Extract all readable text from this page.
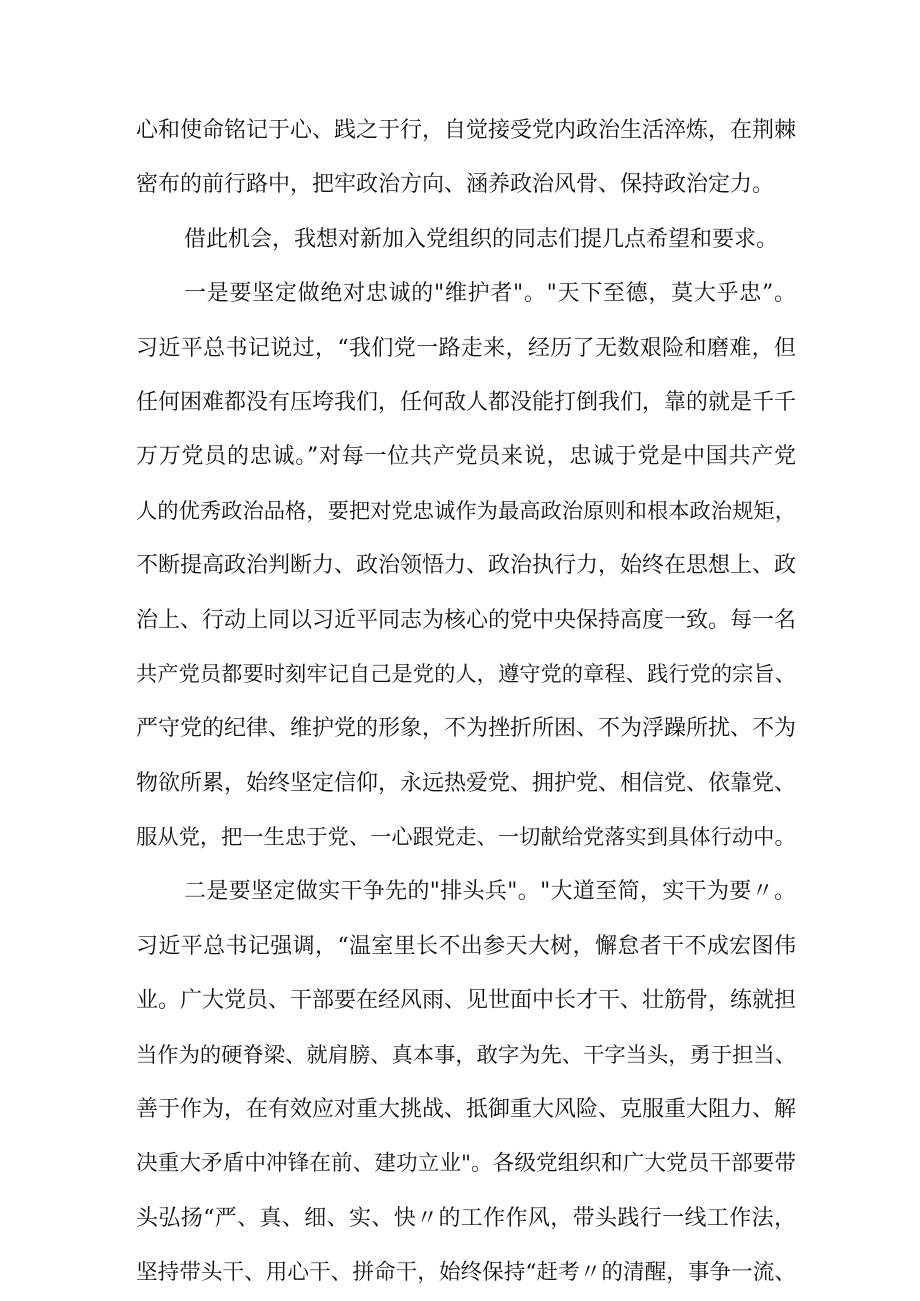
心和使命铭记于心、践之于行，自觉接受党内政治生活淬炼，在荆棘
密布的前行路中，把牢政治方向、涵养政治风骨、保持政治定力。
借此机会，我想对新加入党组织的同志们提几点希望和要求。
一是要坚定做绝对忠诚的"维护者"。"天下至德，莫大乎忠”。
习近平总书记说过，“我们党一路走来，经历了无数艰险和磨难，但
任何困难都没有压垮我们，任何敌人都没能打倒我们，靠的就是千千
万万党员的忠诚。”对每一位共产党员来说，忠诚于党是中国共产党
人的优秀政治品格，要把对党忠诚作为最高政治原则和根本政治规矩，
不断提高政治判断力、政治领悟力、政治执行力，始终在思想上、政
治上、行动上同以习近平同志为核心的党中央保持高度一致。每一名
共产党员都要时刻牢记自己是党的人，遵守党的章程、践行党的宗旨、
严守党的纪律、维护党的形象，不为挫折所困、不为浮躁所扰、不为
物欲所累，始终坚定信仰，永远热爱党、拥护党、相信党、依靠党、
服从党，把一生忠于党、一心跟党走、一切献给党落实到具体行动中。
二是要坚定做实干争先的"排头兵"。"大道至简，实干为要〃。
习近平总书记强调，“温室里长不出参天大树，懈怠者干不成宏图伟
业。广大党员、干部要在经风雨、见世面中长才干、壮筋骨，练就担
当作为的硬脊梁、就肩膀、真本事，敢字为先、干字当头，勇于担当、
善于作为，在有效应对重大挑战、抵御重大风险、克服重大阻力、解
决重大矛盾中冲锋在前、建功立业"。各级党组织和广大党员干部要带
头弘扬“严、真、细、实、快〃的工作作风，带头践行一线工作法，
坚持带头干、用心干、拼命干，始终保持“赶考〃的清醒，事争一流、
